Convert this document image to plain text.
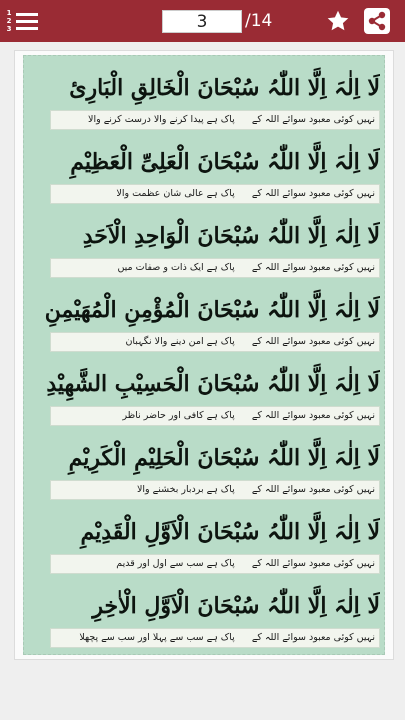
1
2
3
3	/14
لَا اِلٰہَ اِلَّا اللّٰہُ سُبْحَانَ الْخَالِقِ الْبَارِیٔ
نہیں کوئی معبود سوائے اللہ کے پاک ہے پیدا کرنے والا درست کرنے والا
لَا اِلٰہَ اِلَّا اللّٰہُ سُبْحَانَ الْعَلِیِّ الْعَظِیْمِ
نہیں کوئی معبود سوائے اللہ کے پاک ہے عالی شان عظمت والا
لَا اِلٰہَ اِلَّا اللّٰہُ سُبْحَانَ الْوَاحِدِ الْاَحَدِ
نہیں کوئی معبود سوائے اللہ کے پاک ہے ایک ذات و صفات میں
لَا اِلٰہَ اِلَّا اللّٰہُ سُبْحَانَ الْمُؤْمِنِ الْمُهَيْمِنِ
نہیں کوئی معبود سوائے اللہ کے پاک ہے امن دینے والا نگہبان
لَا اِلٰہَ اِلَّا اللّٰہُ سُبْحَانَ الْحَسِيْبِ الشَّهِيْدِ
نہیں کوئی معبود سوائے اللہ کے پاک ہے کافی اور حاضر ناظر
لَا اِلٰہَ اِلَّا اللّٰہُ سُبْحَانَ الْحَلِيْمِ الْكَرِيْمِ
نہیں کوئی معبود سوائے اللہ کے پاک ہے بردبار بخشنے والا
لَا اِلٰہَ اِلَّا اللّٰہُ سُبْحَانَ الْاَوَّلِ الْقَدِيْمِ
نہیں کوئی معبود سوائے اللہ کے پاک ہے سب سے اول اور قدیم
لَا اِلٰہَ اِلَّا اللّٰہُ سُبْحَانَ الْاَوَّلِ الْاٰخِرِ
نہیں کوئی معبود سوائے اللہ کے پاک ہے سب سے پہلا اور سب سے پچھلا
